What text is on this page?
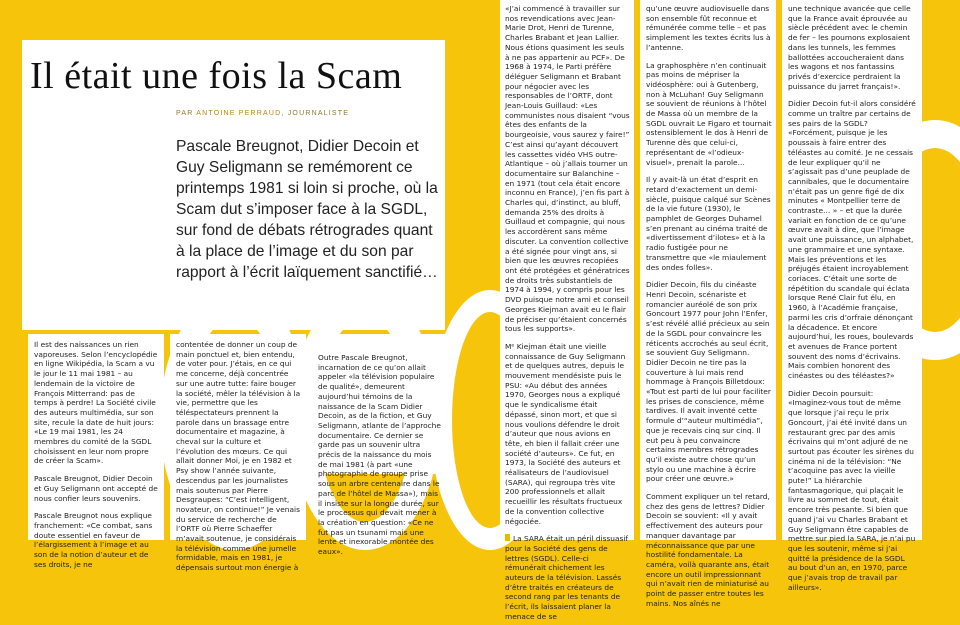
Il était une fois la Scam
PAR ANTOINE PERRAUD, JOURNALISTE
Pascale Breugnot, Didier Decoin et Guy Seligmann se remémorent ce printemps 1981 si loin si proche, où la Scam dut s’imposer face à la SGDL, sur fond de débats rétrogrades quant à la place de l’image et du son par rapport à l’écrit laïquement sanctifié…

Il est des naissances un rien vaporeuses. Selon l’encyclopédie en ligne Wikipédia, la Scam a vu le jour le 11 mai 1981 – au lendemain de la victoire de François Mitterrand: pas de temps à perdre! La Société civile des auteurs multimédia, sur son site, recule la date de huit jours: «Le 19 mai 1981, les 24 membres du comité de la SGDL choisissent en leur nom propre de créer la Scam».

Pascale Breugnot, Didier Decoin et Guy Seligmann ont accepté de nous confier leurs souvenirs.

Pascale Breugnot nous explique franchement: «Ce combat, sans doute essentiel en faveur de l’élargissement à l’image et au son de la notion d’auteur et de ses droits, je ne

contentée de donner un coup de main ponctuel et, bien entendu, de voter pour. J’étais, en ce qui me concerne, déjà concentrée sur une autre tutte: faire bouger la société, mêler la télévision à la vie, permettre que les téléspectateurs prennent la parole dans un brassage entre documentaire et magazine, à cheval sur la culture et l’évolution des mœurs. Ce qui allait donner Moi, je en 1982 et Psy show l’année suivante, descendus par les journalistes mais soutenus par Pierre Desgraupes: “C’est intelligent, novateur, on continue!” Je venais du service de recherche de l’ORTF où Pierre Schaeffer m’avait soutenue, je considérais la télévision comme une jumelle formidable, mais en 1981, je dépensais surtout mon énergie à

Outre Pascale Breugnot, incarnation de ce qu’on allait appeler «la télévision populaire de qualité», demeurent aujourd’hui témoins de la naissance de la Scam Didier Decoin, as de la fiction, et Guy Seligmann, atlante de l’approche documentaire. Ce dernier se garde pas un souvenir ultra précis de la naissance du mois de mai 1981 (à part «une photographie de groupe prise sous un arbre centenaire dans le parc de l’hôtel de Massa»), mais il insiste sur la longue durée, sur le processus qui devait mener à la création en question: «Ce ne fut pas un tsunami mais une lente et inexorable montée des eaux».

«J’ai commencé à travailler sur nos revendications avec Jean-Marie Drot, Henri de Turenne, Charles Brabant et Jean Lallier. Nous étions quasiment les seuls à ne pas appartenir au PCF». De 1968 à 1974, le Parti préfère déléguer Seligmann et Brabant pour négocier avec les responsables de l’ORTF, dont Jean-Louis Guillaud: «Les communistes nous disaient “vous êtes des enfants de la bourgeoisie, vous saurez y faire!” C’est ainsi qu’ayant découvert les cassettes vidéo VHS outre-Atlantique – où j’allais tourner un documentaire sur Balanchine – en 1971 (tout cela était encore inconnu en France), j’en fis part à Charles qui, d’instinct, au bluff, demanda 25% des droits à Guillaud et compagnie, qui nous les accordèrent sans même discuter. La convention collective a été signée pour vingt ans, si bien que les œuvres recopiées ont été protégées et génératrices de droits très substantiels de 1974 à 1994, y compris pour les DVD puisque notre ami et conseil Georges Kiejman avait eu le flair de préciser qu’étaient concernés tous les supports».

Mᵉ Kiejman était une vieille connaissance de Guy Seligmann et de quelques autres, depuis le mouvement mendésiste puis le PSU: «Au début des années 1970, Georges nous a expliqué que le syndicalisme était dépassé, sinon mort, et que si nous voulions défendre le droit d’auteur que nous avions en tête, eh bien il fallait créer une société d’auteurs». Ce fut, en 1973, la Société des auteurs et réalisateurs de l’audiovisuel (SARA), qui regroupa très vite 200 professionnels et allait recueillir les résultats fructueux de la convention collective négociée.

La SARA était un péril dissuasif pour la Société des gens de lettres (SGDL). Celle-ci rémunérait chichement les auteurs de la télévision. Lassés d’être traités en créateurs de second rang par les tenants de l’écrit, ils laissaient planer la menace de se

qu’une œuvre audiovisuelle dans son ensemble fût reconnue et rémunérée comme telle – et pas simplement les textes écrits lus à l’antenne.

La graphosphère n’en continuait pas moins de mépriser la vidéosphère: oui à Gutenberg, non à McLuhan! Guy Seligmann se souvient de réunions à l’hôtel de Massa où un membre de la SGDL ouvrait Le Figaro et tournait ostensiblement le dos à Henri de Turenne dès que celui-ci, représentant de «l’odieux-visuel», prenait la parole…

Il y avait-là un état d’esprit en retard d’exactement un demi-siècle, puisque calqué sur Scènes de la vie future (1930), le pamphlet de Georges Duhamel s’en prenant au cinéma traité de «divertissement d’ilotes» et à la radio fustigée pour ne transmettre que «le miaulement des ondes folles».

Didier Decoin, fils du cinéaste Henri Decoin, scénariste et romancier auréolé de son prix Goncourt 1977 pour John l’Enfer, s’est révélé allié précieux au sein de la SGDL pour convaincre les réticents accrochés au seul écrit, se souvient Guy Seligmann. Didier Decoin ne tire pas la couverture à lui mais rend hommage à François Billetdoux: «Tout est parti de lui pour faciliter les prises de conscience, même tardives. Il avait inventé cette formule d’“auteur multimédia”, que je recevais cinq sur cinq. Il eut peu à peu convaincre certains membres rétrogrades qu’il existe autre chose qu’un stylo ou une machine à écrire pour créer une œuvre.»

Comment expliquer un tel retard, chez des gens de lettres? Didier Decoin se souvient: «Il y avait effectivement des auteurs pour manquer davantage par méconnaissance que par une hostilité fondamentale. La caméra, voilà quarante ans, était encore un outil impressionnant qui n’avait rien de miniaturisé au point de passer entre toutes les mains. Nos aînés ne

une technique avancée que celle que la France avait éprouvée au siècle précédent avec le chemin de fer – les poumons explosaient dans les tunnels, les femmes ballottées accoucheraient dans les wagons et nos fantassins privés d’exercice perdraient la puissance du jarret français!».

Didier Decoin fut-il alors considéré comme un traître par certains de ses pairs de la SGDL? «Forcément, puisque je les poussais à faire entrer des téléastes au comité. Je ne cessais de leur expliquer qu’il ne s’agissait pas d’une peuplade de cannibales, que le documentaire n’était pas un genre figé de dix minutes « Montpellier terre de contraste… » – et que la durée variait en fonction de ce qu’une œuvre avait à dire, que l’image avait une puissance, un alphabet, une grammaire et une syntaxe. Mais les préventions et les préjugés étaient incroyablement coriaces. C’était une sorte de répétition du scandale qui éclata lorsque René Clair fut élu, en 1960, à l’Académie française, parmi les cris d’orfraie dénonçant la décadence. Et encore aujourd’hui, les roues, boulevards et avenues de France portent souvent des noms d’écrivains. Mais combien honorent des cinéastes ou des téléastes?»

Didier Decoin poursuit: «Imaginez-vous tout de même que lorsque j’ai reçu le prix Goncourt, j’ai été invité dans un restaurant grec par des amis écrivains qui m’ont adjuré de ne surtout pas écouter les sirènes du cinéma ni de la télévision: “Ne t’acoquine pas avec la vieille pute!” La hiérarchie fantasmagorique, qui plaçait le livre au sommet de tout, était encore très pesante. Si bien que quand j’ai vu Charles Brabant et Guy Seligmann être capables de mettre sur pied la SARA, je n’ai pu que les soutenir, même si j’ai quitté la présidence de la SGDL au bout d’un an, en 1970, parce que j’avais trop de travail par ailleurs».
